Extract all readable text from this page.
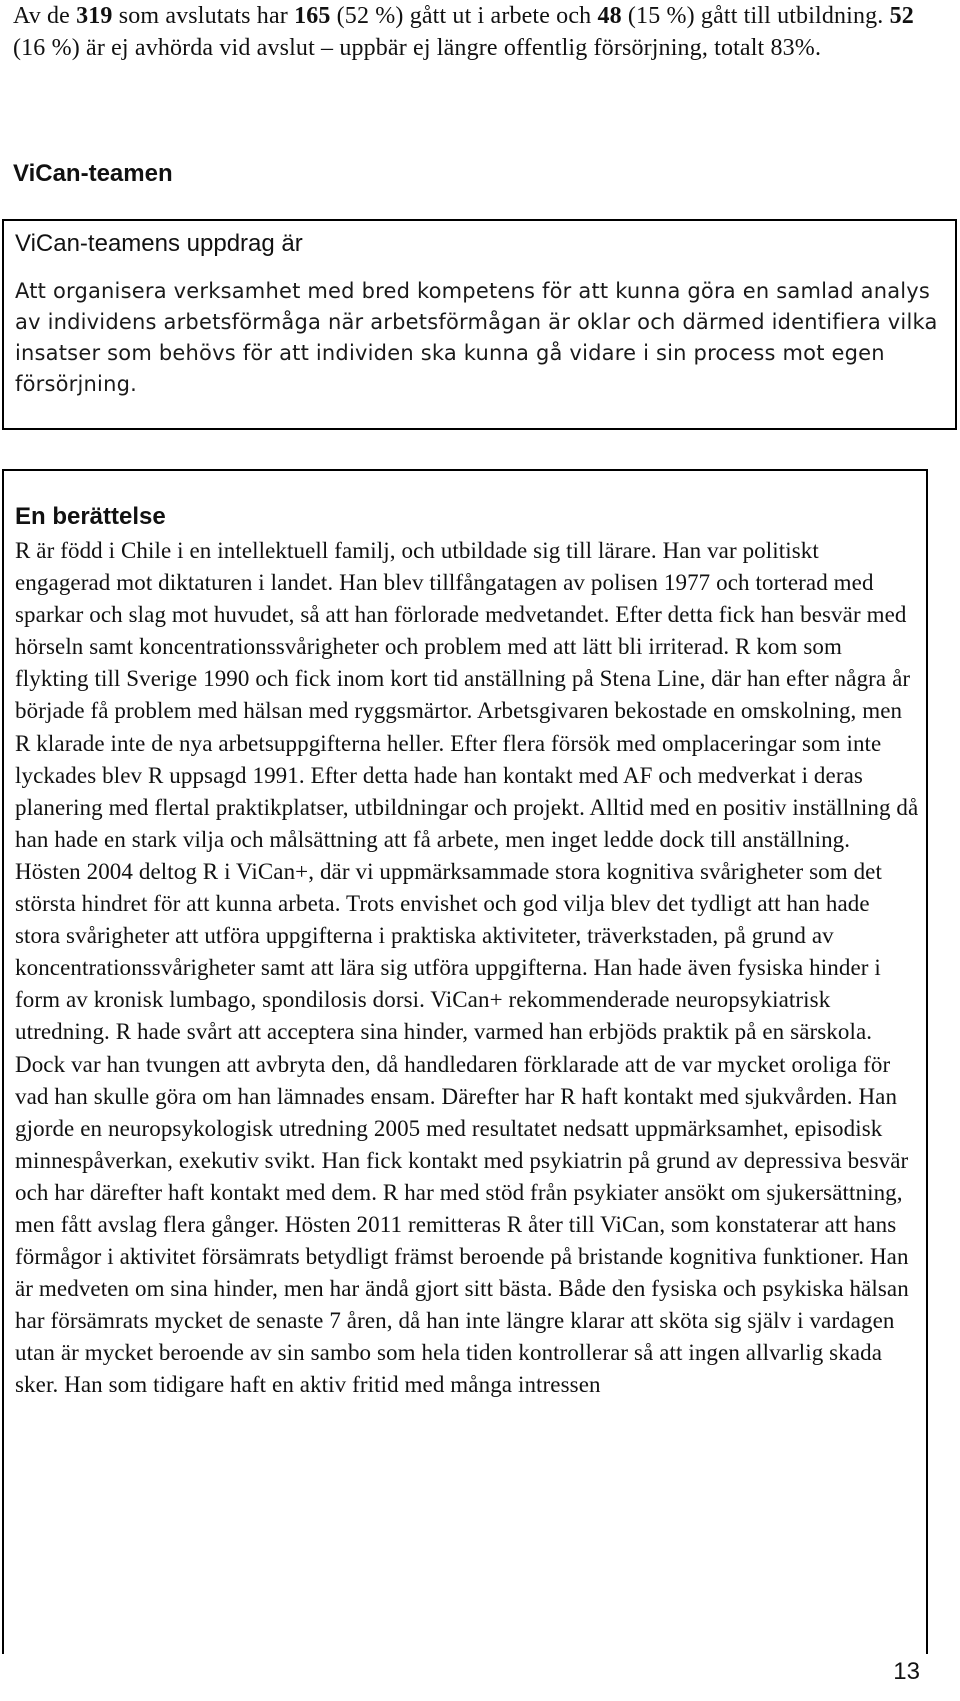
Av de 319 som avslutats har 165 (52 %) gått ut i arbete och 48 (15 %) gått till utbildning. 52 (16 %) är ej avhörda vid avslut – uppbär ej längre offentlig försörjning, totalt 83%.

ViCan-teamen
ViCan-teamens uppdrag är

Att organisera verksamhet med bred kompetens för att kunna göra en samlad analys av individens arbetsförmåga när arbetsförmågan är oklar och därmed identifiera vilka insatser som behövs för att individen ska kunna gå vidare i sin process mot egen försörjning.

En berättelse

R är född i Chile i en intellektuell familj, och utbildade sig till lärare. Han var politiskt engagerad mot diktaturen i landet. Han blev tillfångatagen av polisen 1977 och torterad med sparkar och slag mot huvudet, så att han förlorade medvetandet. Efter detta fick han besvär med hörseln samt koncentrationssvårigheter och problem med att lätt bli irriterad. R kom som flykting till Sverige 1990 och fick inom kort tid anställning på Stena Line, där han efter några år började få problem med hälsan med ryggsmärtor. Arbetsgivaren bekostade en omskolning, men R klarade inte de nya arbetsuppgifterna heller. Efter flera försök med omplaceringar som inte lyckades blev R uppsagd 1991. Efter detta hade han kontakt med AF och medverkat i deras planering med flertal praktikplatser, utbildningar och projekt. Alltid med en positiv inställning då han hade en stark vilja och målsättning att få arbete, men inget ledde dock till anställning. Hösten 2004 deltog R i ViCan+, där vi uppmärksammade stora kognitiva svårigheter som det största hindret för att kunna arbeta. Trots envishet och god vilja blev det tydligt att han hade stora svårigheter att utföra uppgifterna i praktiska aktiviteter, träverkstaden, på grund av koncentrationssvårigheter samt att lära sig utföra uppgifterna. Han hade även fysiska hinder i form av kronisk lumbago, spondilosis dorsi. ViCan+ rekommenderade neuropsykiatrisk utredning. R hade svårt att acceptera sina hinder, varmed han erbjöds praktik på en särskola. Dock var han tvungen att avbryta den, då handledaren förklarade att de var mycket oroliga för vad han skulle göra om han lämnades ensam. Därefter har R haft kontakt med sjukvården. Han gjorde en neuropsykologisk utredning 2005 med resultatet nedsatt uppmärksamhet, episodisk minnespåverkan, exekutiv svikt. Han fick kontakt med psykiatrin på grund av depressiva besvär och har därefter haft kontakt med dem. R har med stöd från psykiater ansökt om sjukersättning, men fått avslag flera gånger. Hösten 2011 remitteras R åter till ViCan, som konstaterar att hans förmågor i aktivitet försämrats betydligt främst beroende på bristande kognitiva funktioner. Han är medveten om sina hinder, men har ändå gjort sitt bästa. Både den fysiska och psykiska hälsan har försämrats mycket de senaste 7 åren, då han inte längre klarar att sköta sig själv i vardagen utan är mycket beroende av sin sambo som hela tiden kontrollerar så att ingen allvarlig skada sker. Han som tidigare haft en aktiv fritid med många intressen

13
